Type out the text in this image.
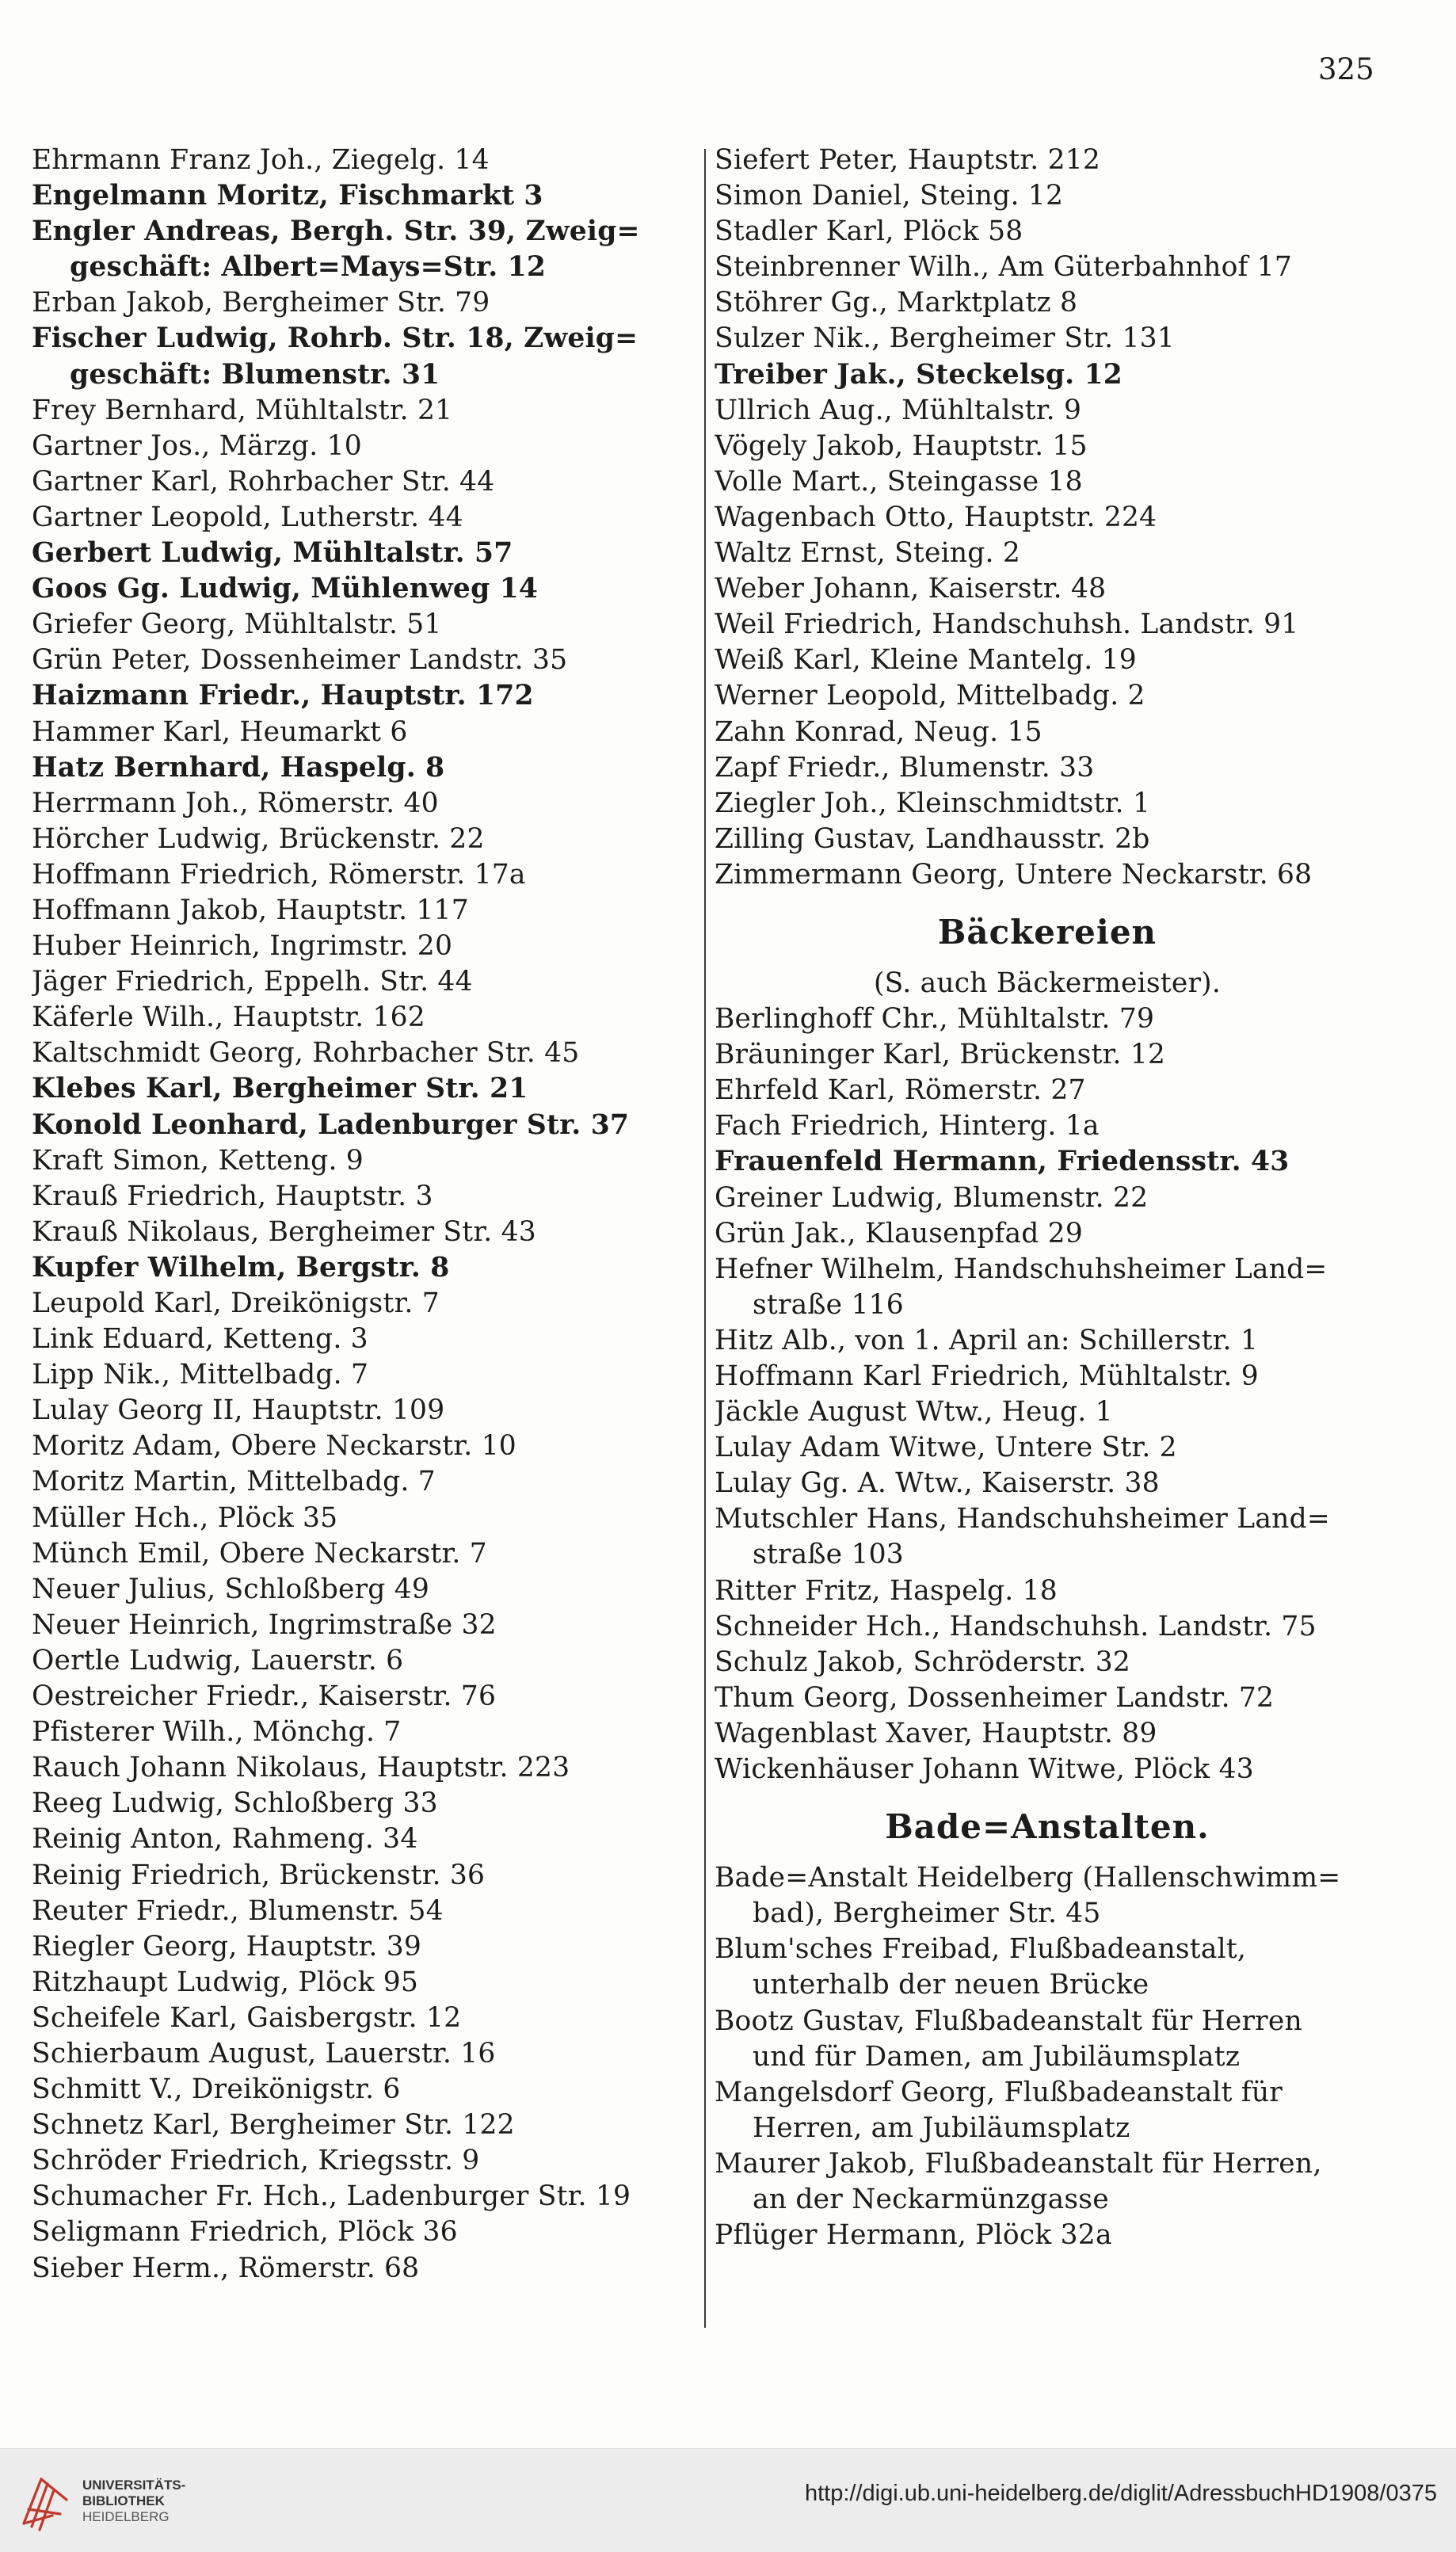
325
Ehrmann Franz Joh., Ziegelg. 14
Engelmann Moritz, Fischmarkt 3
Engler Andreas, Bergh. Str. 39, Zweig=
geschäft: Albert=Mays=Str. 12
Erban Jakob, Bergheimer Str. 79
Fischer Ludwig, Rohrb. Str. 18, Zweig=
geschäft: Blumenstr. 31
Frey Bernhard, Mühltalstr. 21
Gartner Jos., Märzg. 10
Gartner Karl, Rohrbacher Str. 44
Gartner Leopold, Lutherstr. 44
Gerbert Ludwig, Mühltalstr. 57
Goos Gg. Ludwig, Mühlenweg 14
Griefer Georg, Mühltalstr. 51
Grün Peter, Dossenheimer Landstr. 35
Haizmann Friedr., Hauptstr. 172
Hammer Karl, Heumarkt 6
Hatz Bernhard, Haspelg. 8
Herrmann Joh., Römerstr. 40
Hörcher Ludwig, Brückenstr. 22
Hoffmann Friedrich, Römerstr. 17a
Hoffmann Jakob, Hauptstr. 117
Huber Heinrich, Ingrimstr. 20
Jäger Friedrich, Eppelh. Str. 44
Käferle Wilh., Hauptstr. 162
Kaltschmidt Georg, Rohrbacher Str. 45
Klebes Karl, Bergheimer Str. 21
Konold Leonhard, Ladenburger Str. 37
Kraft Simon, Ketteng. 9
Krauß Friedrich, Hauptstr. 3
Krauß Nikolaus, Bergheimer Str. 43
Kupfer Wilhelm, Bergstr. 8
Leupold Karl, Dreikönigstr. 7
Link Eduard, Ketteng. 3
Lipp Nik., Mittelbadg. 7
Lulay Georg II, Hauptstr. 109
Moritz Adam, Obere Neckarstr. 10
Moritz Martin, Mittelbadg. 7
Müller Hch., Plöck 35
Münch Emil, Obere Neckarstr. 7
Neuer Julius, Schloßberg 49
Neuer Heinrich, Ingrimstraße 32
Oertle Ludwig, Lauerstr. 6
Oestreicher Friedr., Kaiserstr. 76
Pfisterer Wilh., Mönchg. 7
Rauch Johann Nikolaus, Hauptstr. 223
Reeg Ludwig, Schloßberg 33
Reinig Anton, Rahmeng. 34
Reinig Friedrich, Brückenstr. 36
Reuter Friedr., Blumenstr. 54
Riegler Georg, Hauptstr. 39
Ritzhaupt Ludwig, Plöck 95
Scheifele Karl, Gaisbergstr. 12
Schierbaum August, Lauerstr. 16
Schmitt V., Dreikönigstr. 6
Schnetz Karl, Bergheimer Str. 122
Schröder Friedrich, Kriegsstr. 9
Schumacher Fr. Hch., Ladenburger Str. 19
Seligmann Friedrich, Plöck 36
Sieber Herm., Römerstr. 68
Siefert Peter, Hauptstr. 212
Simon Daniel, Steing. 12
Stadler Karl, Plöck 58
Steinbrenner Wilh., Am Güterbahnhof 17
Stöhrer Gg., Marktplatz 8
Sulzer Nik., Bergheimer Str. 131
Treiber Jak., Steckelsg. 12
Ullrich Aug., Mühltalstr. 9
Vögely Jakob, Hauptstr. 15
Volle Mart., Steingasse 18
Wagenbach Otto, Hauptstr. 224
Waltz Ernst, Steing. 2
Weber Johann, Kaiserstr. 48
Weil Friedrich, Handschuhsh. Landstr. 91
Weiß Karl, Kleine Mantelg. 19
Werner Leopold, Mittelbadg. 2
Zahn Konrad, Neug. 15
Zapf Friedr., Blumenstr. 33
Ziegler Joh., Kleinschmidtstr. 1
Zilling Gustav, Landhausstr. 2b
Zimmermann Georg, Untere Neckarstr. 68
Bäckereien
(S. auch Bäckermeister).
Berlinghoff Chr., Mühltalstr. 79
Bräuninger Karl, Brückenstr. 12
Ehrfeld Karl, Römerstr. 27
Fach Friedrich, Hinterg. 1a
Frauenfeld Hermann, Friedensstr. 43
Greiner Ludwig, Blumenstr. 22
Grün Jak., Klausenpfad 29
Hefner Wilhelm, Handschuhsheimer Land=
straße 116
Hitz Alb., von 1. April an: Schillerstr. 1
Hoffmann Karl Friedrich, Mühltalstr. 9
Jäckle August Wtw., Heug. 1
Lulay Adam Witwe, Untere Str. 2
Lulay Gg. A. Wtw., Kaiserstr. 38
Mutschler Hans, Handschuhsheimer Land=
straße 103
Ritter Fritz, Haspelg. 18
Schneider Hch., Handschuhsh. Landstr. 75
Schulz Jakob, Schröderstr. 32
Thum Georg, Dossenheimer Landstr. 72
Wagenblast Xaver, Hauptstr. 89
Wickenhäuser Johann Witwe, Plöck 43
Bade=Anstalten.
Bade=Anstalt Heidelberg (Hallenschwimm=
bad), Bergheimer Str. 45
Blum'sches Freibad, Flußbadeanstalt,
unterhalb der neuen Brücke
Bootz Gustav, Flußbadeanstalt für Herren
und für Damen, am Jubiläumsplatz
Mangelsdorf Georg, Flußbadeanstalt für
Herren, am Jubiläumsplatz
Maurer Jakob, Flußbadeanstalt für Herren,
an der Neckarmünzgasse
Pflüger Hermann, Plöck 32a
UNIVERSITÄTS-
BIBLIOTHEK
HEIDELBERG
http://digi.ub.uni-heidelberg.de/diglit/AdressbuchHD1908/0375
